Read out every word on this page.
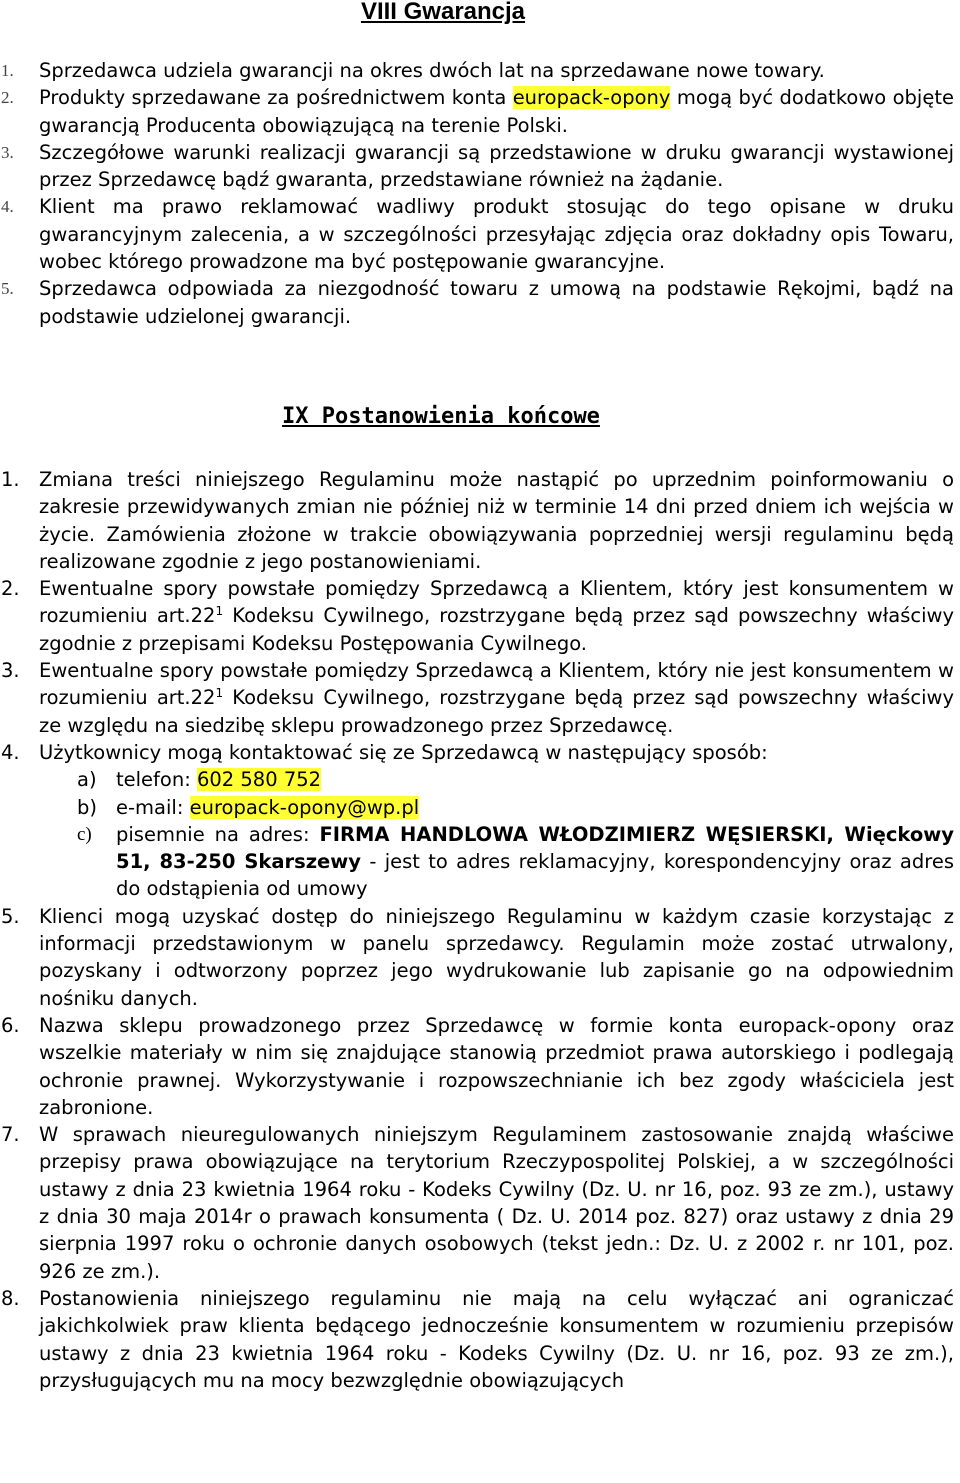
VIII Gwarancja
1. Sprzedawca udziela gwarancji na okres dwóch lat na sprzedawane nowe towary.
2. Produkty sprzedawane za pośrednictwem konta europack-opony mogą być dodatkowo objęte gwarancją Producenta obowiązującą na terenie Polski.
3. Szczegółowe warunki realizacji gwarancji są przedstawione w druku gwarancji wystawionej przez Sprzedawcę bądź gwaranta, przedstawiane również na żądanie.
4. Klient ma prawo reklamować wadliwy produkt stosując do tego opisane w druku gwarancyjnym zalecenia, a w szczególności przesyłając zdjęcia oraz dokładny opis Towaru, wobec którego prowadzone ma być postępowanie gwarancyjne.
5. Sprzedawca odpowiada za niezgodność towaru z umową na podstawie Rękojmi, bądź na podstawie udzielonej gwarancji.
IX Postanowienia końcowe
1. Zmiana treści niniejszego Regulaminu może nastąpić po uprzednim poinformowaniu o zakresie przewidywanych zmian nie później niż w terminie 14 dni przed dniem ich wejścia w życie. Zamówienia złożone w trakcie obowiązywania poprzedniej wersji regulaminu będą realizowane zgodnie z jego postanowieniami.
2. Ewentualne spory powstałe pomiędzy Sprzedawcą a Klientem, który jest konsumentem w rozumieniu $art.22^1$ Kodeksu Cywilnego, rozstrzygane będą przez sąd powszechny właściwy zgodnie z przepisami Kodeksu Postępowania Cywilnego.
3. Ewentualne spory powstałe pomiędzy Sprzedawcą a Klientem, który nie jest konsumentem w rozumieniu $art.22^1$ Kodeksu Cywilnego, rozstrzygane będą przez sąd powszechny właściwy ze względu na siedzibę sklepu prowadzonego przez Sprzedawcę.
4. Użytkownicy mogą kontaktować się ze Sprzedawcą w następujący sposób:
a) telefon: 602 580 752
b) e-mail: europack-opony@wp.pl
c) pisemnie na adres: FIRMA HANDLOWA WŁODZIMIERZ WĘSIERSKI, Więckowy 51, 83-250 Skarszewy - jest to adres reklamacyjny, korespondencyjny oraz adres do odstąpienia od umowy
5. Klienci mogą uzyskać dostęp do niniejszego Regulaminu w każdym czasie korzystając z informacji przedstawionym w panelu sprzedawcy. Regulamin może zostać utrwalony, pozyskany i odtworzony poprzez jego wydrukowanie lub zapisanie go na odpowiednim nośniku danych.
6. Nazwa sklepu prowadzonego przez Sprzedawcę w formie konta europack-opony oraz wszelkie materiały w nim się znajdujące stanowią przedmiot prawa autorskiego i podlegają ochronie prawnej. Wykorzystywanie i rozpowszechnianie ich bez zgody właściciela jest zabronione.
7. W sprawach nieuregulowanych niniejszym Regulaminem zastosowanie znajdą właściwe przepisy prawa obowiązujące na terytorium Rzeczypospolitej Polskiej, a w szczególności ustawy z dnia 23 kwietnia 1964 roku - Kodeks Cywilny (Dz. U. nr 16, poz. 93 ze zm.), ustawy z dnia 30 maja 2014r o prawach konsumenta ( Dz. U. 2014 poz. 827) oraz ustawy z dnia 29 sierpnia 1997 roku o ochronie danych osobowych (tekst jedn.: Dz. U. z 2002 r. nr 101, poz. 926 ze zm.).
8. Postanowienia niniejszego regulaminu nie mają na celu wyłączać ani ograniczać jakichkolwiek praw klienta będącego jednocześnie konsumentem w rozumieniu przepisów ustawy z dnia 23 kwietnia 1964 roku - Kodeks Cywilny (Dz. U. nr 16, poz. 93 ze zm.), przysługujących mu na mocy bezwzględnie obowiązujących
